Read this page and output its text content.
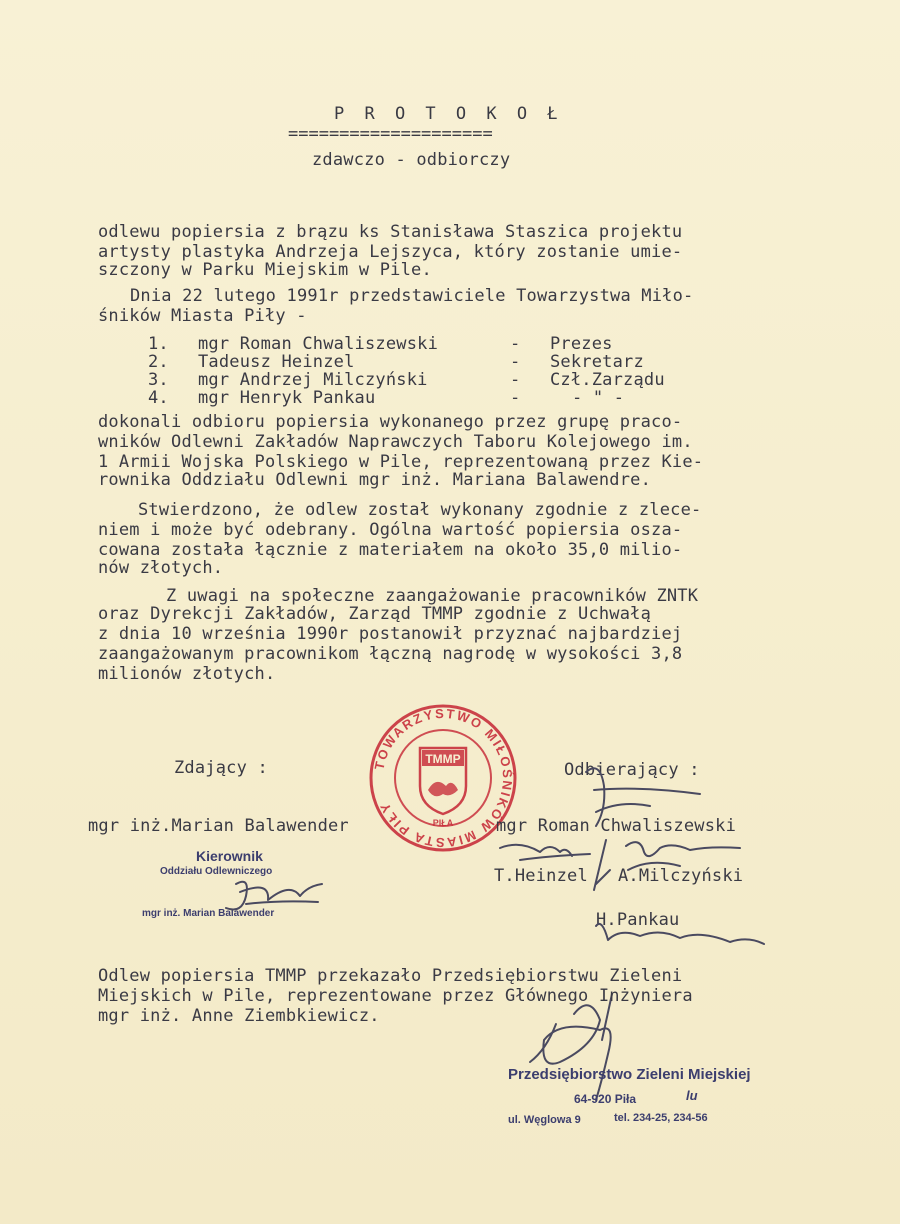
P R O T O K O Ł
====================
zdawczo - odbiorczy
odlewu popiersia z brązu ks Stanisława Staszica projektu
artysty plastyka Andrzeja Lejszyca, który zostanie umie-
szczony w Parku Miejskim w Pile.
Dnia 22 lutego 1991r przedstawiciele Towarzystwa Miło-
śników Miasta Piły -
1. mgr Roman Chwaliszewski	- Prezes
2. Tadeusz Heinzel	- Sekretarz
3. mgr Andrzej Milczyński	- Czł.Zarządu
4. mgr Henryk Pankau	-	- " -
dokonali odbioru popiersia wykonanego przez grupę praco-
wników Odlewni Zakładów Naprawczych Taboru Kolejowego im.
1 Armii Wojska Polskiego w Pile, reprezentowaną przez Kie-
rownika Oddziału Odlewni mgr inż. Mariana Balawendre.
Stwierdzono, że odlew został wykonany zgodnie z zlece-
niem i może być odebrany. Ogólna wartość popiersia osza-
cowana została łącznie z materiałem na około 35,0 milio-
nów złotych.
Z uwagi na społeczne zaangażowanie pracowników ZNTK
oraz Dyrekcji Zakładów, Zarząd TMMP zgodnie z Uchwałą
z dnia 10 września 1990r postanowił przyznać najbardziej
zaangażowanym pracownikom łączną nagrodę w wysokości 3,8
milionów złotych.
TOWARZYSTWO MIŁOŚNIKÓW MIASTA PIŁY
TMMP
PIŁA
Zdający :	Odbierający :
mgr inż.Marian Balawender	mgr Roman Chwaliszewski
T.Heinzel A.Milczyński
H.Pankau
Kierownik
Oddziału Odlewniczego
mgr inż. Marian Balawender
Odlew popiersia TMMP przekazało Przedsiębiorstwu Zieleni
Miejskich w Pile, reprezentowane przez Głównego Inżyniera
mgr inż. Anne Ziembkiewicz.
Przedsiębiorstwo Zieleni Miejskiej
64-920 Piła	lu
ul. Węglowa 9	tel. 234-25, 234-56
